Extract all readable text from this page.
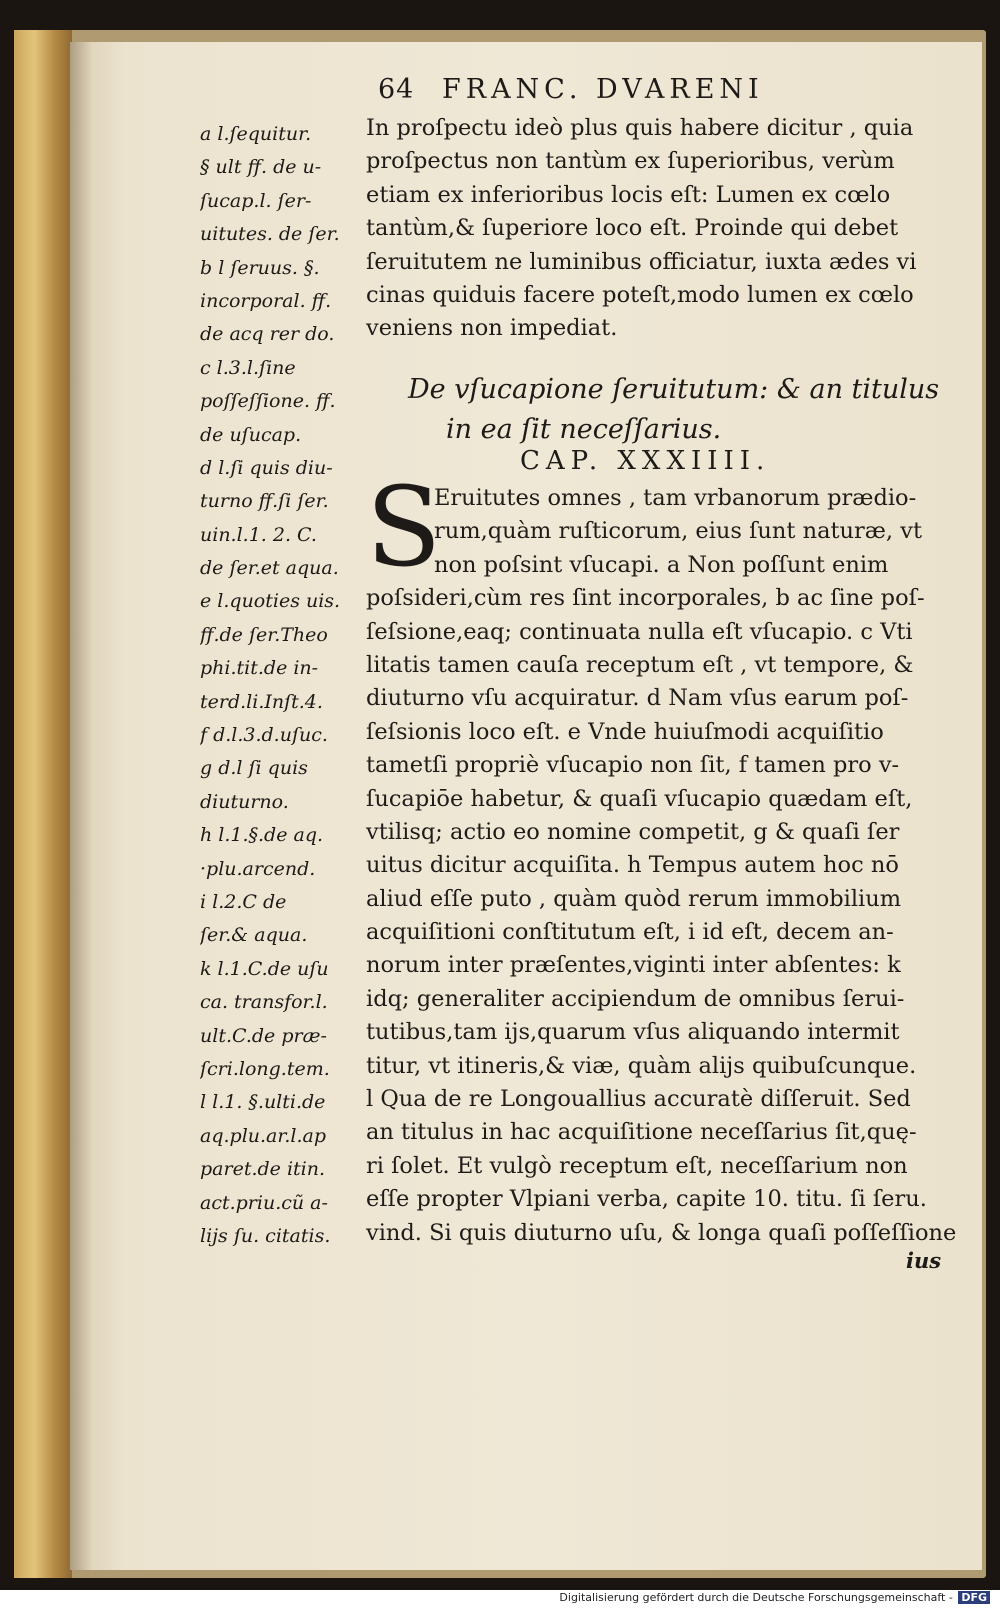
64 FRANC. DVARENI
a l.ſequitur.
§ ult ff. de u-
ſucap.l. ſer-
uitutes. de ſer.
b l ſeruus. §.
incorporal. ff.
de acq rer do.
c l.3.l.ſine
poſſeſſione. ff.
de uſucap.
d l.ſi quis diu-
turno ff.ſi ſer.
uin.l.1. 2. C.
de ſer.et aqua.
e l.quoties uis.
ff.de ſer.Theo
phi.tit.de in-
terd.li.Inſt.4.
f d.l.3.d.uſuc.
g d.l ſi quis
diuturno.
h l.1.§.de aq.
·plu.arcend.
i l.2.C de
ſer.& aqua.
k l.1.C.de uſu
ca. transfor.l.
ult.C.de præ-
ſcri.long.tem.
l l.1. §.ulti.de
aq.plu.ar.l.ap
paret.de itin.
act.priu.cũ a-
lijs ſu. citatis.
In proſpectu ideò plus quis habere dicitur , quia
proſpectus non tantùm ex ſuperioribus, verùm
etiam ex inferioribus locis eſt: Lumen ex cœlo
tantùm,& ſuperiore loco eſt. Proinde qui debet
ſeruitutem ne luminibus officiatur, iuxta ædes vi
cinas quiduis facere poteſt,modo lumen ex cœlo
veniens non impediat.
De vſucapione ſeruitutum: & an titulus
in ea ſit neceſſarius.
CAP. XXXIIII.
S
Eruitutes omnes , tam vrbanorum prædio-
rum,quàm ruſticorum, eius ſunt naturæ, vt
non poſsint vſucapi. a Non poſſunt enim
poſsideri,cùm res ſint incorporales, b ac ſine poſ-
ſeſsione,eaq; continuata nulla eſt vſucapio. c Vti
litatis tamen cauſa receptum eſt , vt tempore, &
diuturno vſu acquiratur. d Nam vſus earum poſ-
ſeſsionis loco eſt. e Vnde huiuſmodi acquiſitio
tametſi propriè vſucapio non ſit, f tamen pro v-
ſucapiōe habetur, & quaſi vſucapio quædam eſt,
vtilisq; actio eo nomine competit, g & quaſi ſer
uitus dicitur acquiſita. h Tempus autem hoc nō
aliud eſſe puto , quàm quòd rerum immobilium
acquiſitioni conſtitutum eſt, i id eſt, decem an-
norum inter præſentes,viginti inter abſentes: k
idq; generaliter accipiendum de omnibus ſerui-
tutibus,tam ijs,quarum vſus aliquando intermit
titur, vt itineris,& viæ, quàm alijs quibuſcunque.
l Qua de re Longouallius accuratè diſſeruit. Sed
an titulus in hac acquiſitione neceſſarius ſit,quę-
ri ſolet. Et vulgò receptum eſt, neceſſarium non
eſſe propter Vlpiani verba, capite 10. titu. ſi ſeru.
vind. Si quis diuturno uſu, & longa quaſi poſſeſſione
ius
Digitalisierung gefördert durch die Deutsche Forschungsgemeinschaft - DFG
